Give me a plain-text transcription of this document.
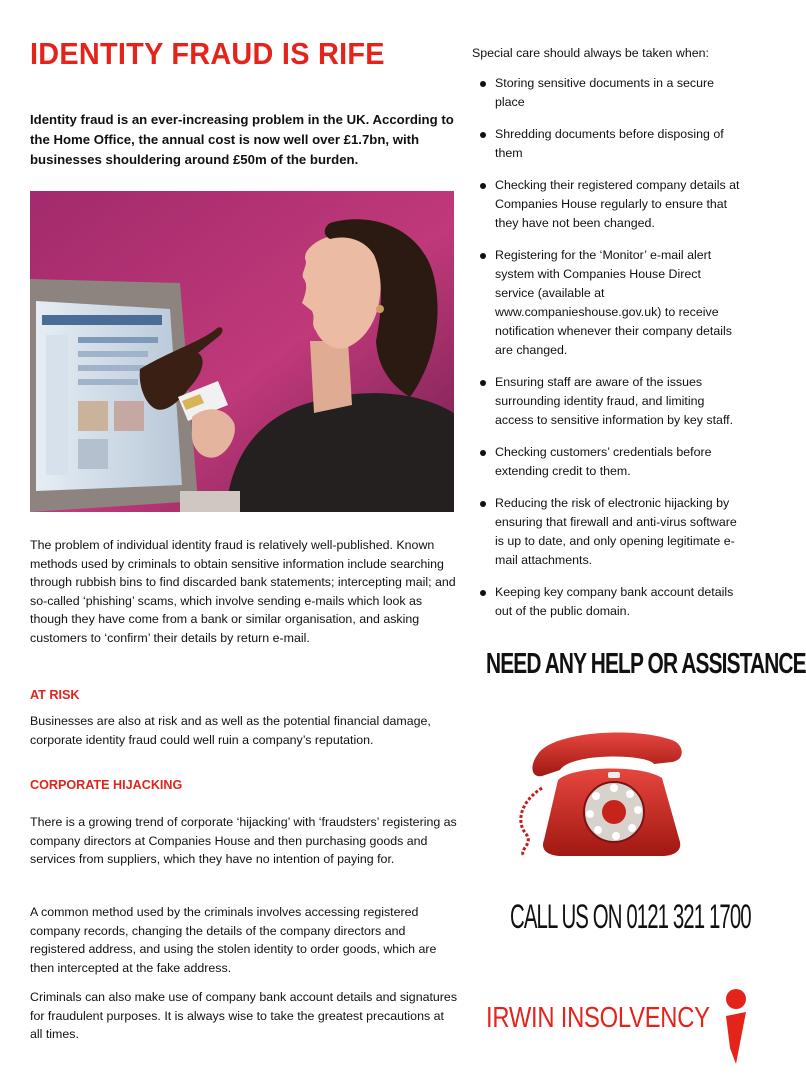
IDENTITY FRAUD IS RIFE

Identity fraud is an ever-increasing problem in the UK. According to the Home Office, the annual cost is now well over £1.7bn, with businesses shouldering around £50m of the burden.

The problem of individual identity fraud is relatively well-published. Known methods used by criminals to obtain sensitive information include searching through rubbish bins to find discarded bank statements; intercepting mail; and so-called ‘phishing’ scams, which involve sending e-mails which look as though they have come from a bank or similar organisation, and asking customers to ‘confirm’ their details by return e-mail.

AT RISK

Businesses are also at risk and as well as the potential financial damage, corporate identity fraud could well ruin a company’s reputation.

CORPORATE HIJACKING

There is a growing trend of corporate ‘hijacking’ with ‘fraudsters’ registering as company directors at Companies House and then purchasing goods and services from suppliers, which they have no intention of paying for.

A common method used by the criminals involves accessing registered company records, changing the details of the company directors and registered address, and using the stolen identity to order goods, which are then intercepted at the fake address.

Criminals can also make use of company bank account details and signatures for fraudulent purposes. It is always wise to take the greatest precautions at all times.

Special care should always be taken when:

Storing sensitive documents in a secure place
Shredding documents before disposing of them
Checking their registered company details at Companies House regularly to ensure that they have not been changed.
Registering for the ‘Monitor’ e-mail alert system with Companies House Direct service (available at www.companieshouse.gov.uk) to receive notification whenever their company details are changed.
Ensuring staff are aware of the issues surrounding identity fraud, and limiting access to sensitive information by key staff.
Checking customers’ credentials before extending credit to them.
Reducing the risk of electronic hijacking by ensuring that firewall and anti-virus software is up to date, and only opening legitimate e-mail attachments.
Keeping key company bank account details out of the public domain.
NEED ANY HELP OR ASSISTANCE

CALL US ON 0121 321 1700

IRWIN INSOLVENCY
